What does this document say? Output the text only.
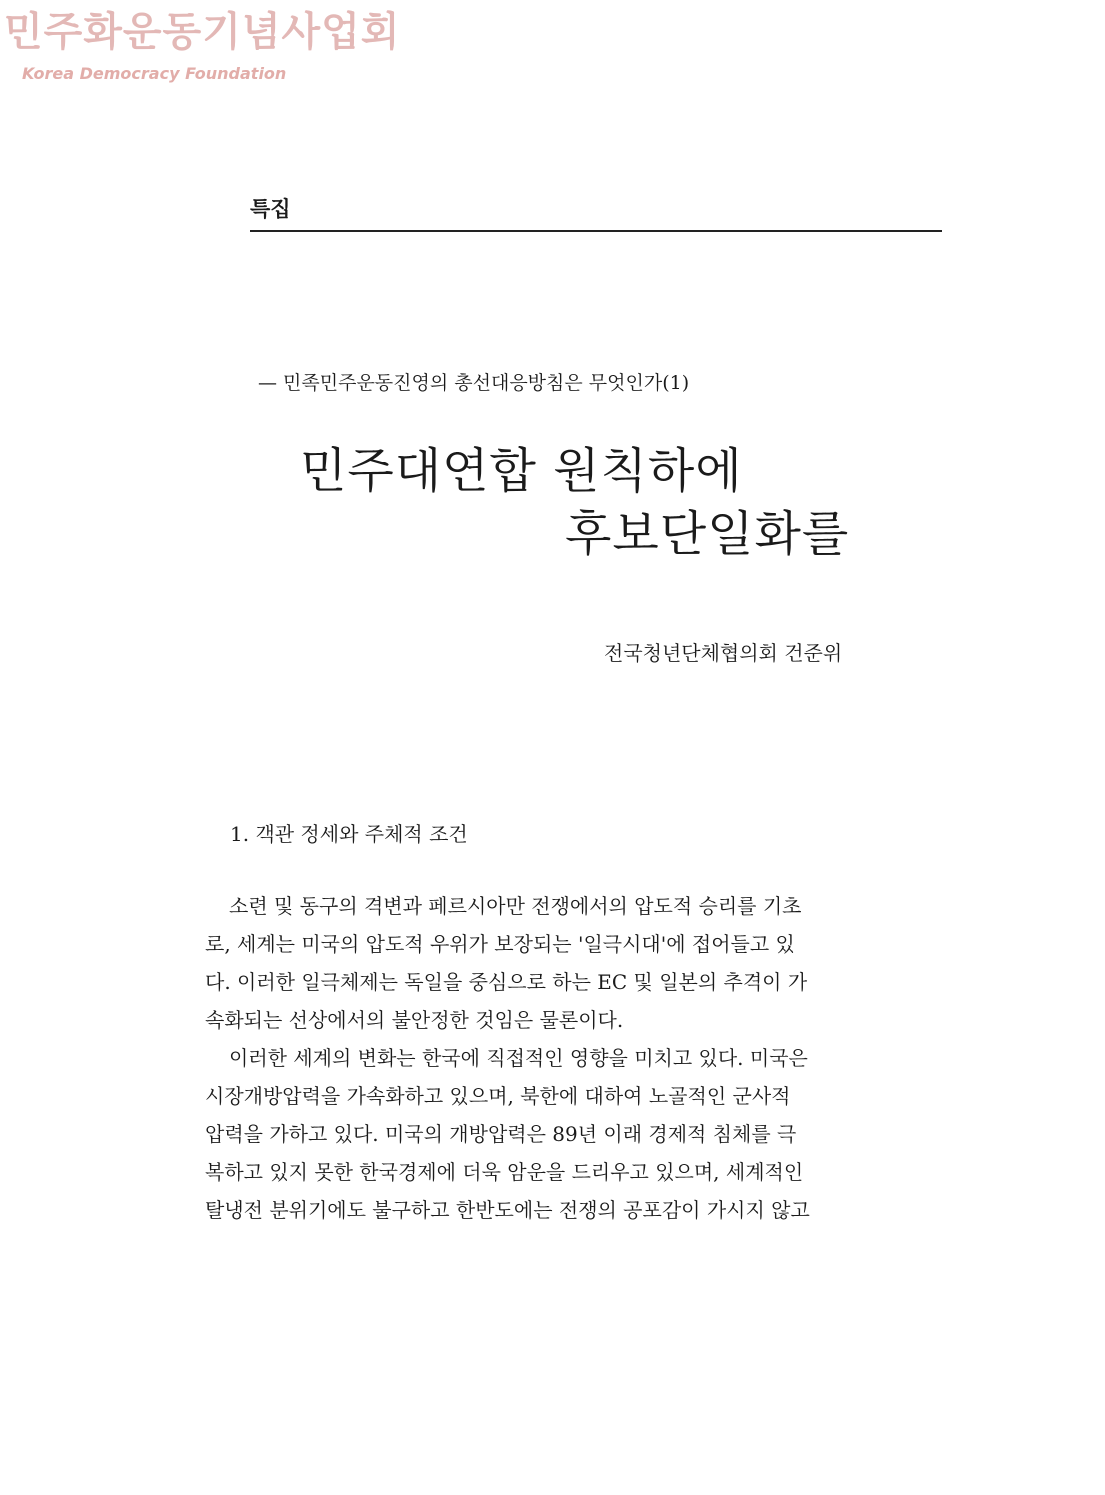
민주화운동기념사업회
Korea Democracy Foundation
특집
— 민족민주운동진영의 총선대응방침은 무엇인가(1)
민주대연합 원칙하에
후보단일화를
전국청년단체협의회 건준위
1. 객관 정세와 주체적 조건
소련 및 동구의 격변과 페르시아만 전쟁에서의 압도적 승리를 기초
로, 세계는 미국의 압도적 우위가 보장되는 '일극시대'에 접어들고 있
다. 이러한 일극체제는 독일을 중심으로 하는 EC 및 일본의 추격이 가
속화되는 선상에서의 불안정한 것임은 물론이다.
이러한 세계의 변화는 한국에 직접적인 영향을 미치고 있다. 미국은
시장개방압력을 가속화하고 있으며, 북한에 대하여 노골적인 군사적
압력을 가하고 있다. 미국의 개방압력은 89년 이래 경제적 침체를 극
복하고 있지 못한 한국경제에 더욱 암운을 드리우고 있으며, 세계적인
탈냉전 분위기에도 불구하고 한반도에는 전쟁의 공포감이 가시지 않고
